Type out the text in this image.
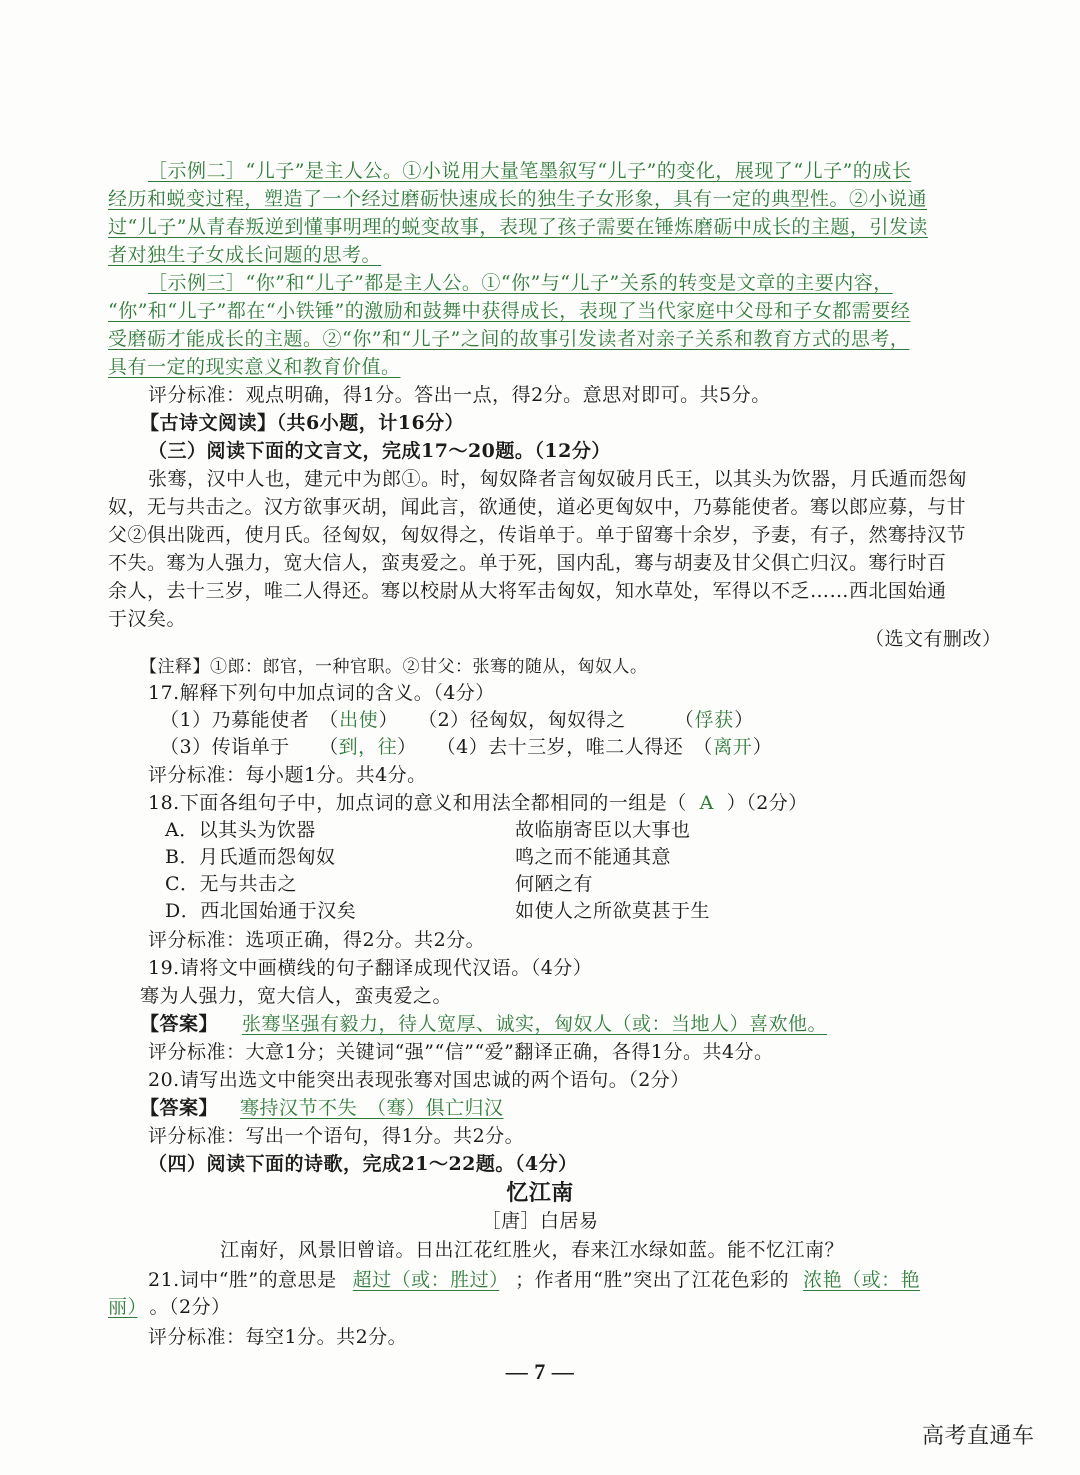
［示例二］“儿子”是主人公。①小说用大量笔墨叙写“儿子”的变化，展现了“儿子”的成长
经历和蜕变过程，塑造了一个经过磨砺快速成长的独生子女形象，具有一定的典型性。②小说通
过“儿子”从青春叛逆到懂事明理的蜕变故事，表现了孩子需要在锤炼磨砺中成长的主题，引发读
者对独生子女成长问题的思考。
［示例三］“你”和“儿子”都是主人公。①“你”与“儿子”关系的转变是文章的主要内容，
“你”和“儿子”都在“小铁锤”的激励和鼓舞中获得成长，表现了当代家庭中父母和子女都需要经
受磨砺才能成长的主题。②“你”和“儿子”之间的故事引发读者对亲子关系和教育方式的思考，
具有一定的现实意义和教育价值。
评分标准：观点明确，得1分。答出一点，得2分。意思对即可。共5分。
【古诗文阅读】（共6小题，计16分）
（三）阅读下面的文言文，完成17～20题。（12分）
张骞，汉中人也，建元中为郎①。时，匈奴降者言匈奴破月氏王，以其头为饮器，月氏遁而怨匈
奴，无与共击之。汉方欲事灭胡，闻此言，欲通使，道必更匈奴中，乃募能使者。骞以郎应募，与甘
父②俱出陇西，使月氏。径匈奴，匈奴得之，传诣单于。单于留骞十余岁，予妻，有子，然骞持汉节
不失。骞为人强力，宽大信人，蛮夷爱之。单于死，国内乱，骞与胡妻及甘父俱亡归汉。骞行时百
余人，去十三岁，唯二人得还。骞以校尉从大将军击匈奴，知水草处，军得以不乏……西北国始通
于汉矣。
（选文有删改）
【注释】①郎：郎官，一种官职。②甘父：张骞的随从，匈奴人。
17.解释下列句中加点词的含义。（4分）
（1）乃募能使者　（出使）　　（2）径匈奴，匈奴得之　　　（俘获）
（3）传诣单于　　（到，往）　　（4）去十三岁，唯二人得还　（离开）
评分标准：每小题1分。共4分。
18.下面各组句子中，加点词的意义和用法全都相同的一组是（ A ）（2分）
A．以其头为饮器	故临崩寄臣以大事也
B．月氏遁而怨匈奴	鸣之而不能通其意
C．无与共击之	何陋之有
D．西北国始通于汉矣	如使人之所欲莫甚于生
评分标准：选项正确，得2分。共2分。
19.请将文中画横线的句子翻译成现代汉语。（4分）
骞为人强力，宽大信人，蛮夷爱之。
【答案】 张骞坚强有毅力，待人宽厚、诚实，匈奴人（或：当地人）喜欢他。
评分标准：大意1分；关键词“强”“信”“爱”翻译正确，各得1分。共4分。
20.请写出选文中能突出表现张骞对国忠诚的两个语句。（2分）
【答案】 骞持汉节不失　（骞）俱亡归汉
评分标准：写出一个语句，得1分。共2分。
（四）阅读下面的诗歌，完成21～22题。（4分）
忆江南
［唐］白居易
江南好，风景旧曾谙。日出江花红胜火，春来江水绿如蓝。能不忆江南？
21.词中“胜”的意思是 超过（或：胜过） ；作者用“胜”突出了江花色彩的 浓艳（或：艳
丽） 。（2分）
评分标准：每空1分。共2分。
— 7 —
高考直通车
